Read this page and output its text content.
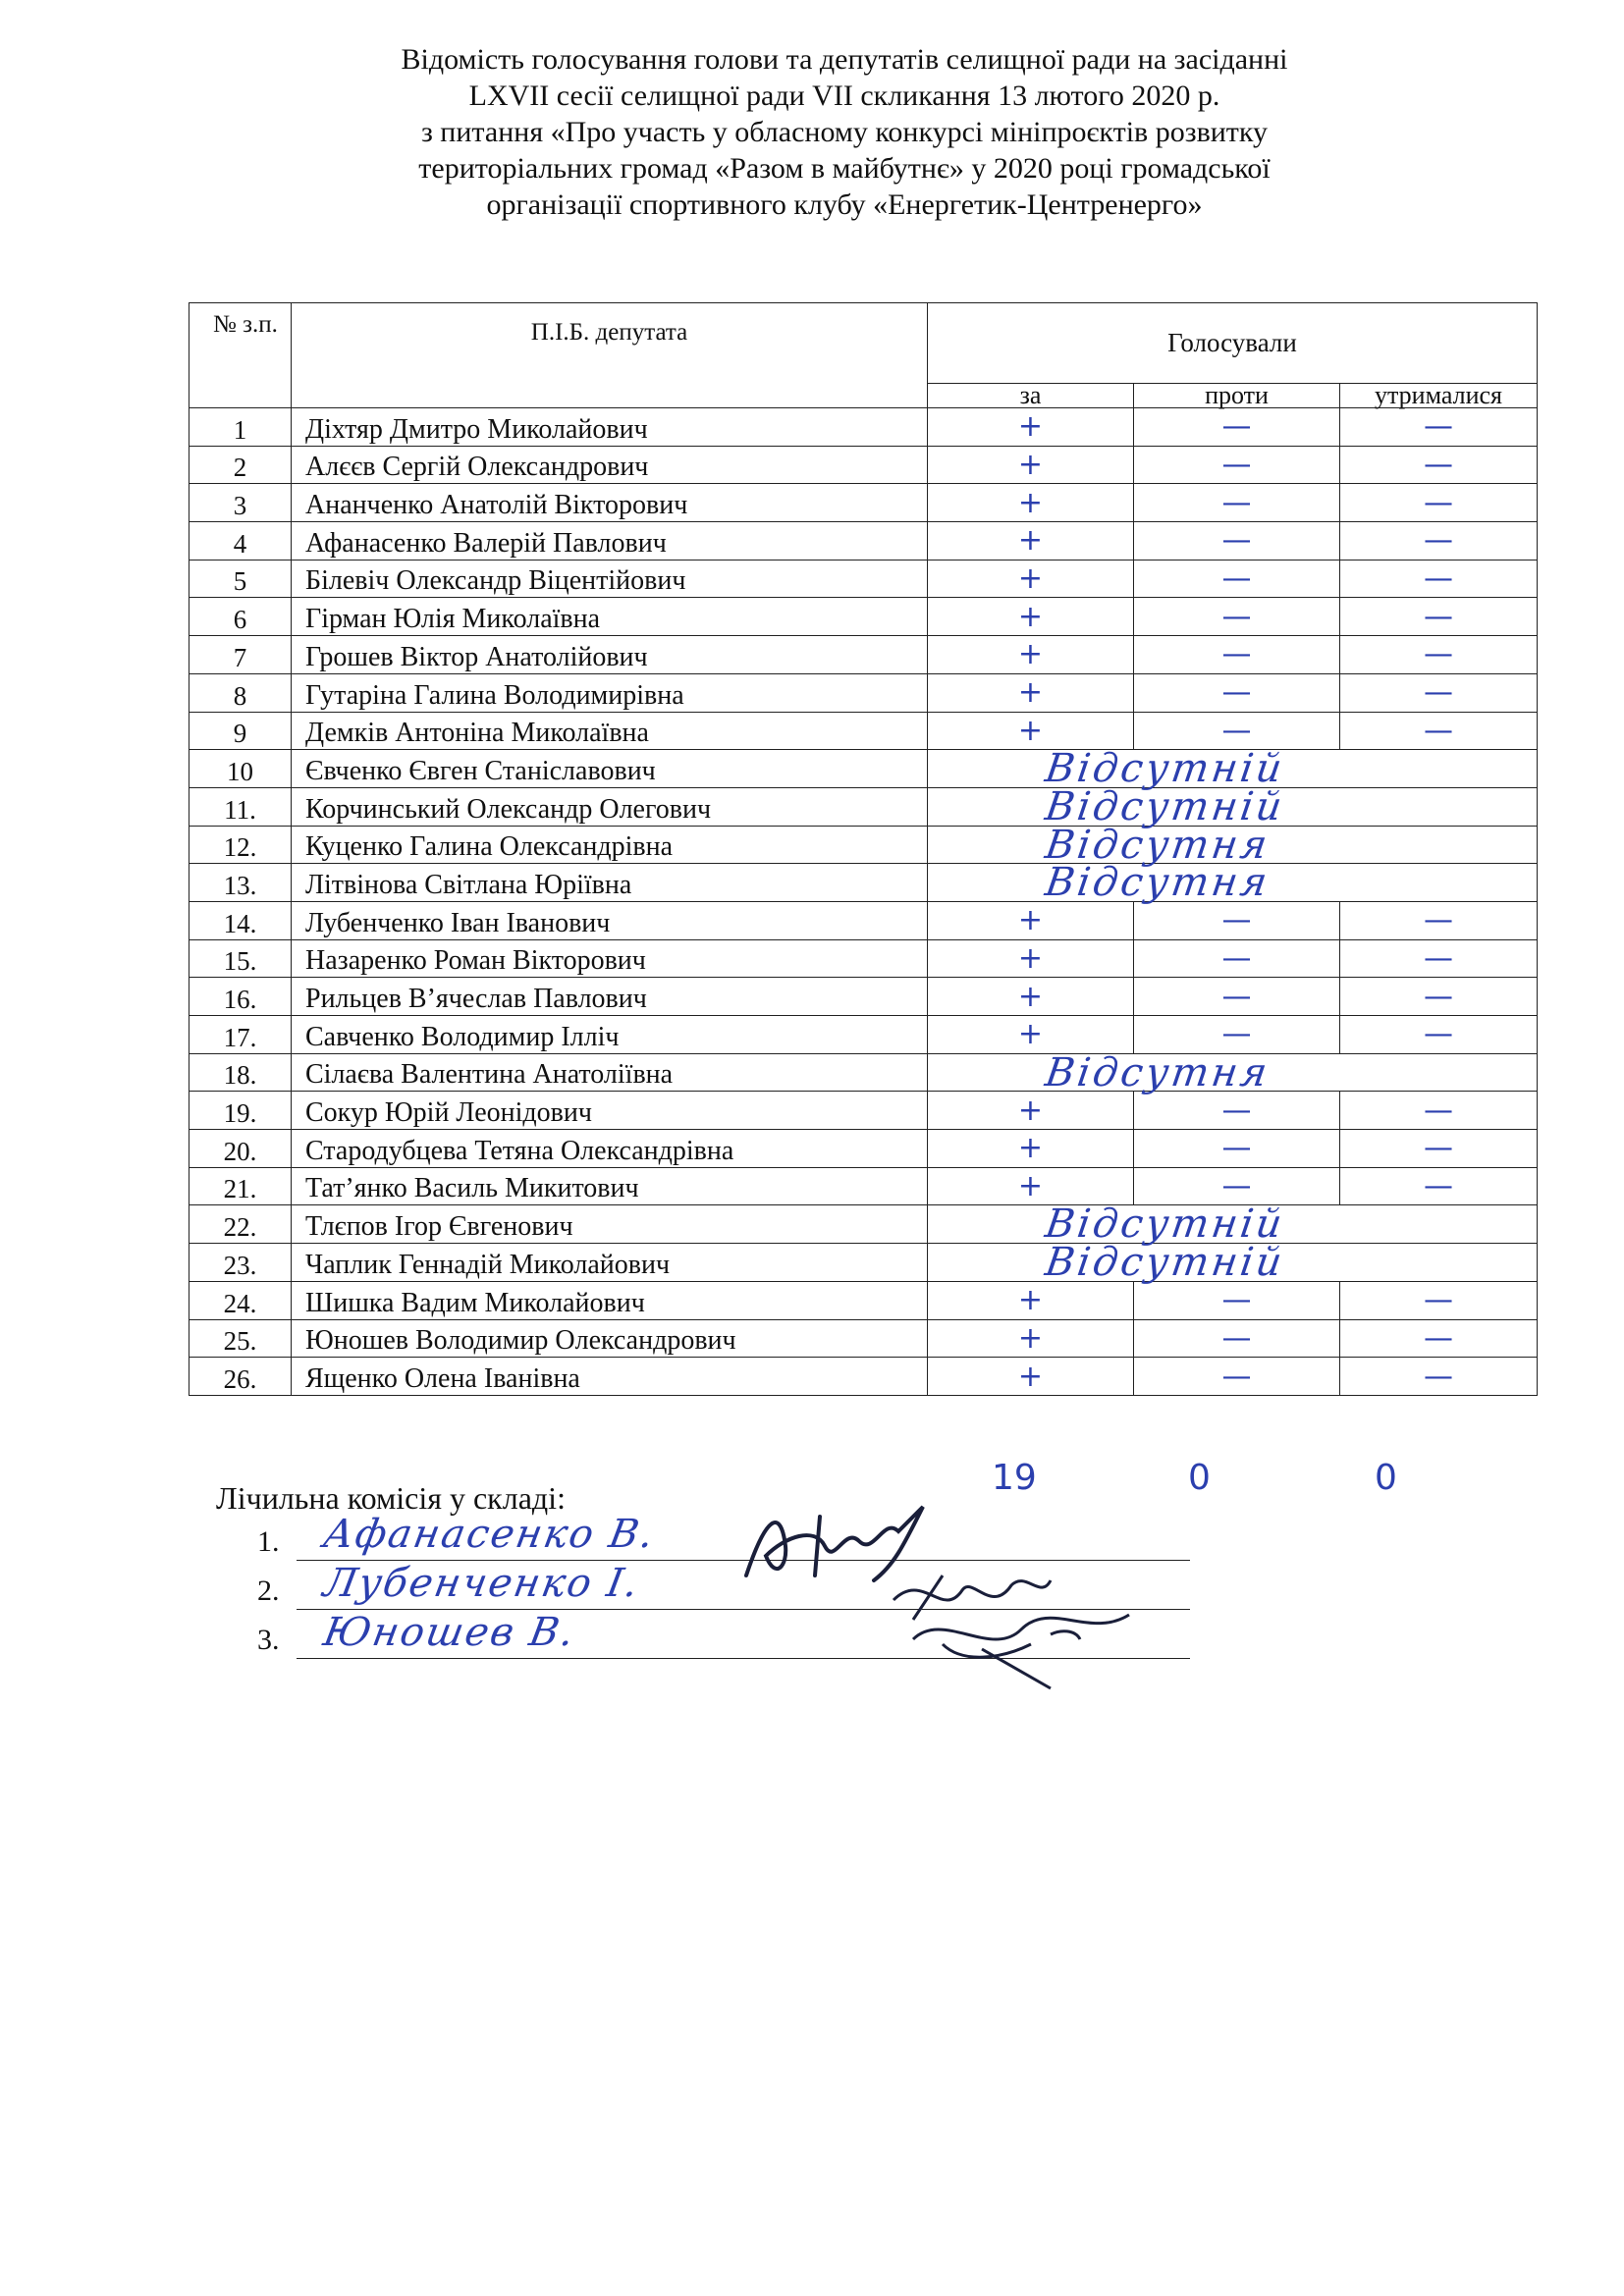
Відомість голосування голови та депутатів селищної ради на засіданні
LXVII сесії селищної ради VII скликання 13 лютого 2020 р.
з питання «Про участь у обласному конкурсі мініпроєктів розвитку
територіальних громад «Разом в майбутнє» у 2020 році громадської
організації спортивного клубу «Енергетик-Центренерго»
№ з.п.	П.І.Б. депутата	Голосували		
		за	проти	утрималися
1	Діхтяр Дмитро Миколайович	+	—	—
2	Алєєв Сергій Олександрович	+	—	—
3	Ананченко Анатолій Вікторович	+	—	—
4	Афанасенко Валерій Павлович	+	—	—
5	Білевіч Олександр Віцентійович	+	—	—
6	Гірман Юлія Миколаївна	+	—	—
7	Грошев Віктор Анатолійович	+	—	—
8	Гутаріна Галина Володимирівна	+	—	—
9	Демків Антоніна Миколаївна	+	—	—
10	Євченко Євген Станіславович	Відсутній		

11.	Корчинський Олександр Олегович	Відсутній		

12.	Куценко Галина Олександрівна	Відсутня		

13.	Літвінова Світлана Юріївна	Відсутня		

14.	Лубенченко Іван Іванович	+	—	—
15.	Назаренко Роман Вікторович	+	—	—
16.	Рильцев В’ячеслав Павлович	+	—	—
17.	Савченко Володимир Ілліч	+	—	—
18.	Сілаєва Валентина Анатоліївна	Відсутня		

19.	Сокур Юрій Леонідович	+	—	—
20.	Стародубцева Тетяна Олександрівна	+	—	—
21.	Тат’янко Василь Микитович	+	—	—
22.	Тлєпов Ігор Євгенович	Відсутній		

23.	Чаплик Геннадій Миколайович	Відсутній		

24.	Шишка Вадим Миколайович	+	—	—
25.	Юношев Володимир Олександрович	+	—	—
26.	Ященко Олена Іванівна	+	—	—
19	0	0
Лічильна комісія у складі:
1. Афанасенко В.
2. Лубенченко І.
3. Юношев В.
